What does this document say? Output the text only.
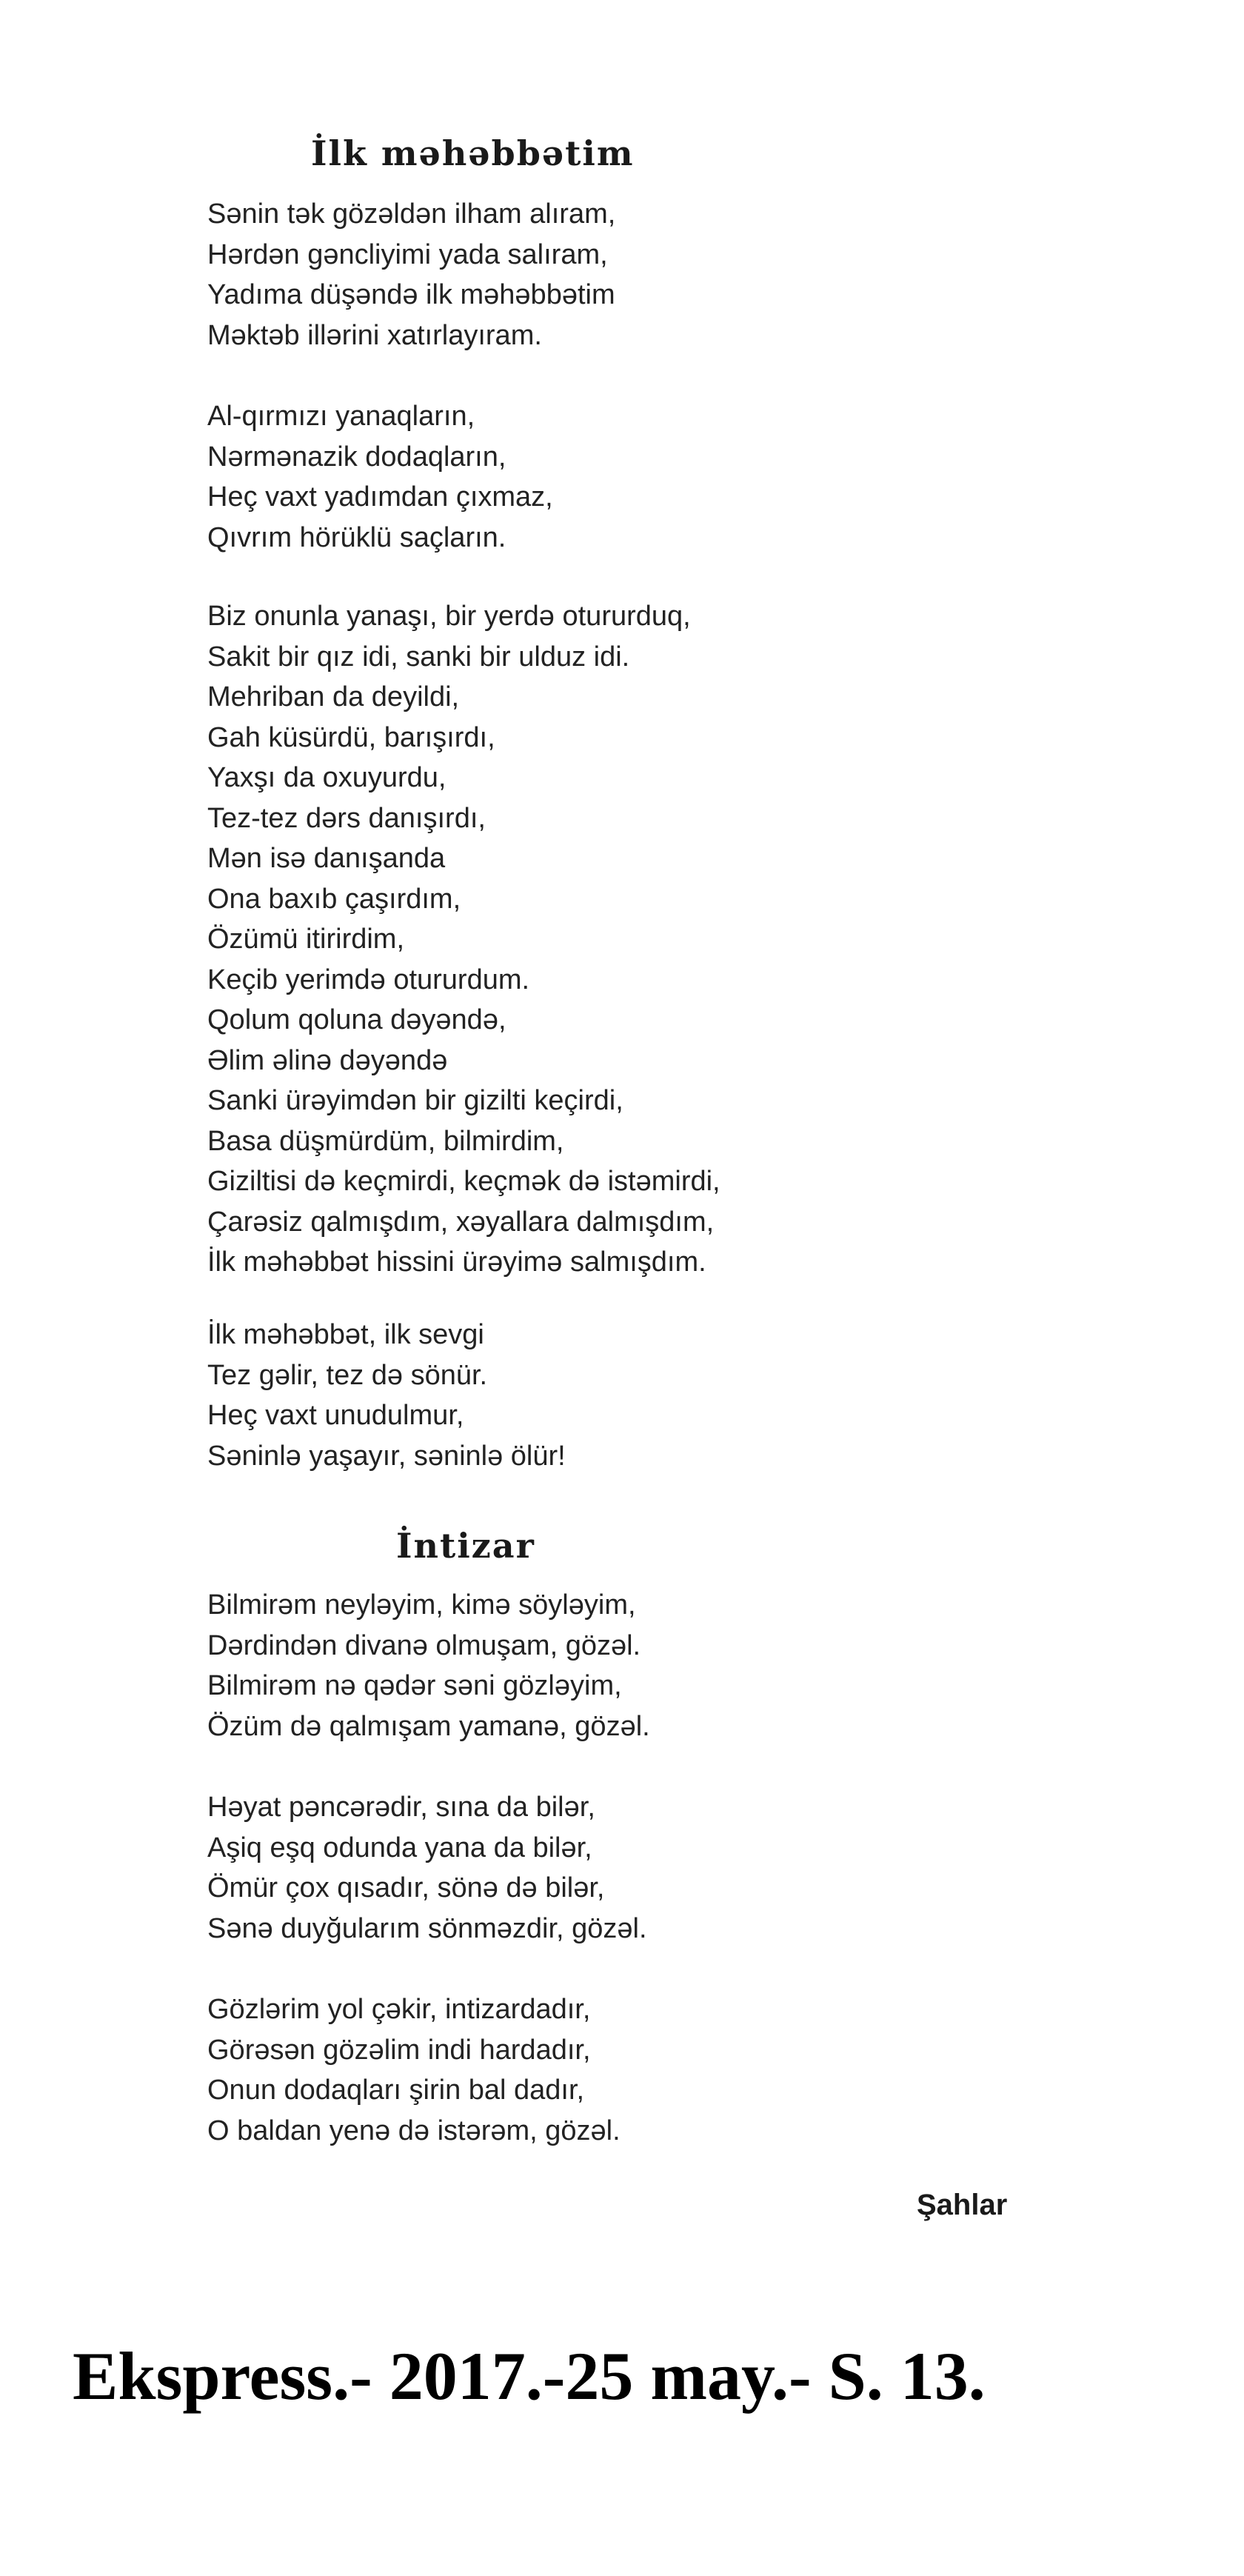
İlk məhəbbətim
Sənin tək gözəldən ilham alıram,
Hərdən gəncliyimi yada salıram,
Yadıma düşəndə ilk məhəbbətim
Məktəb illərini xatırlayıram.
Al-qırmızı yanaqların,
Nərmənazik dodaqların,
Heç vaxt yadımdan çıxmaz,
Qıvrım hörüklü saçların.
Biz onunla yanaşı, bir yerdə otururduq,
Sakit bir qız idi, sanki bir ulduz idi.
Mehriban da deyildi,
Gah küsürdü, barışırdı,
Yaxşı da oxuyurdu,
Tez-tez dərs danışırdı,
Mən isə danışanda
Ona baxıb çaşırdım,
Özümü itirirdim,
Keçib yerimdə otururdum.
Qolum qoluna dəyəndə,
Əlim əlinə dəyəndə
Sanki ürəyimdən bir gizilti keçirdi,
Basa düşmürdüm, bilmirdim,
Giziltisi də keçmirdi, keçmək də istəmirdi,
Çarəsiz qalmışdım, xəyallara dalmışdım,
İlk məhəbbət hissini ürəyimə salmışdım.
İlk məhəbbət, ilk sevgi
Tez gəlir, tez də sönür.
Heç vaxt unudulmur,
Səninlə yaşayır, səninlə ölür!
İntizar
Bilmirəm neyləyim, kimə söyləyim,
Dərdindən divanə olmuşam, gözəl.
Bilmirəm nə qədər səni gözləyim,
Özüm də qalmışam yamanə, gözəl.
Həyat pəncərədir, sına da bilər,
Aşiq eşq odunda yana da bilər,
Ömür çox qısadır, sönə də bilər,
Sənə duyğularım sönməzdir, gözəl.
Gözlərim yol çəkir, intizardadır,
Görəsən gözəlim indi hardadır,
Onun dodaqları şirin bal dadır,
O baldan yenə də istərəm, gözəl.

Şahlar

Ekspress.- 2017.-25 may.- S. 13.
